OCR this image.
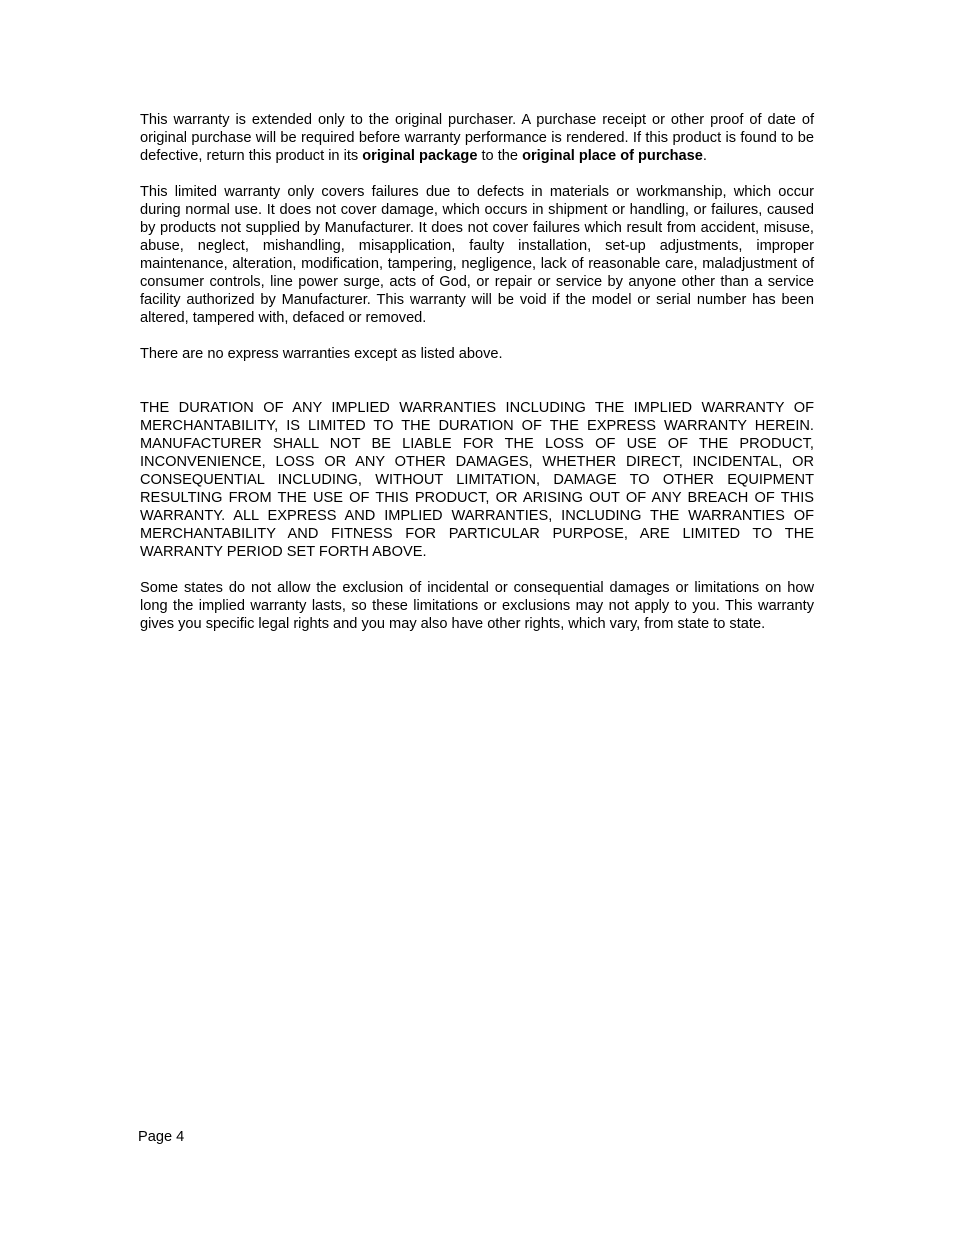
This warranty is extended only to the original purchaser. A purchase receipt or other proof of date of original purchase will be required before warranty performance is rendered. If this product is found to be defective, return this product in its original package to the original place of purchase.

This limited warranty only covers failures due to defects in materials or workmanship, which occur during normal use. It does not cover damage, which occurs in shipment or handling, or failures, caused by products not supplied by Manufacturer. It does not cover failures which result from accident, misuse, abuse, neglect, mishandling, misapplication, faulty installation, set-up adjustments, improper maintenance, alteration, modification, tampering, negligence, lack of reasonable care, maladjustment of consumer controls, line power surge, acts of God, or repair or service by anyone other than a service facility authorized by Manufacturer. This warranty will be void if the model or serial number has been altered, tampered with, defaced or removed.

There are no express warranties except as listed above.

THE DURATION OF ANY IMPLIED WARRANTIES INCLUDING THE IMPLIED WARRANTY OF MERCHANTABILITY, IS LIMITED TO THE DURATION OF THE EXPRESS WARRANTY HEREIN. MANUFACTURER SHALL NOT BE LIABLE FOR THE LOSS OF USE OF THE PRODUCT, INCONVENIENCE, LOSS OR ANY OTHER DAMAGES, WHETHER DIRECT, INCIDENTAL, OR CONSEQUENTIAL INCLUDING, WITHOUT LIMITATION, DAMAGE TO OTHER EQUIPMENT RESULTING FROM THE USE OF THIS PRODUCT, OR ARISING OUT OF ANY BREACH OF THIS WARRANTY. ALL EXPRESS AND IMPLIED WARRANTIES, INCLUDING THE WARRANTIES OF MERCHANTABILITY AND FITNESS FOR PARTICULAR PURPOSE, ARE LIMITED TO THE WARRANTY PERIOD SET FORTH ABOVE.

Some states do not allow the exclusion of incidental or consequential damages or limitations on how long the implied warranty lasts, so these limitations or exclusions may not apply to you. This warranty gives you specific legal rights and you may also have other rights, which vary, from state to state.

Page 4
